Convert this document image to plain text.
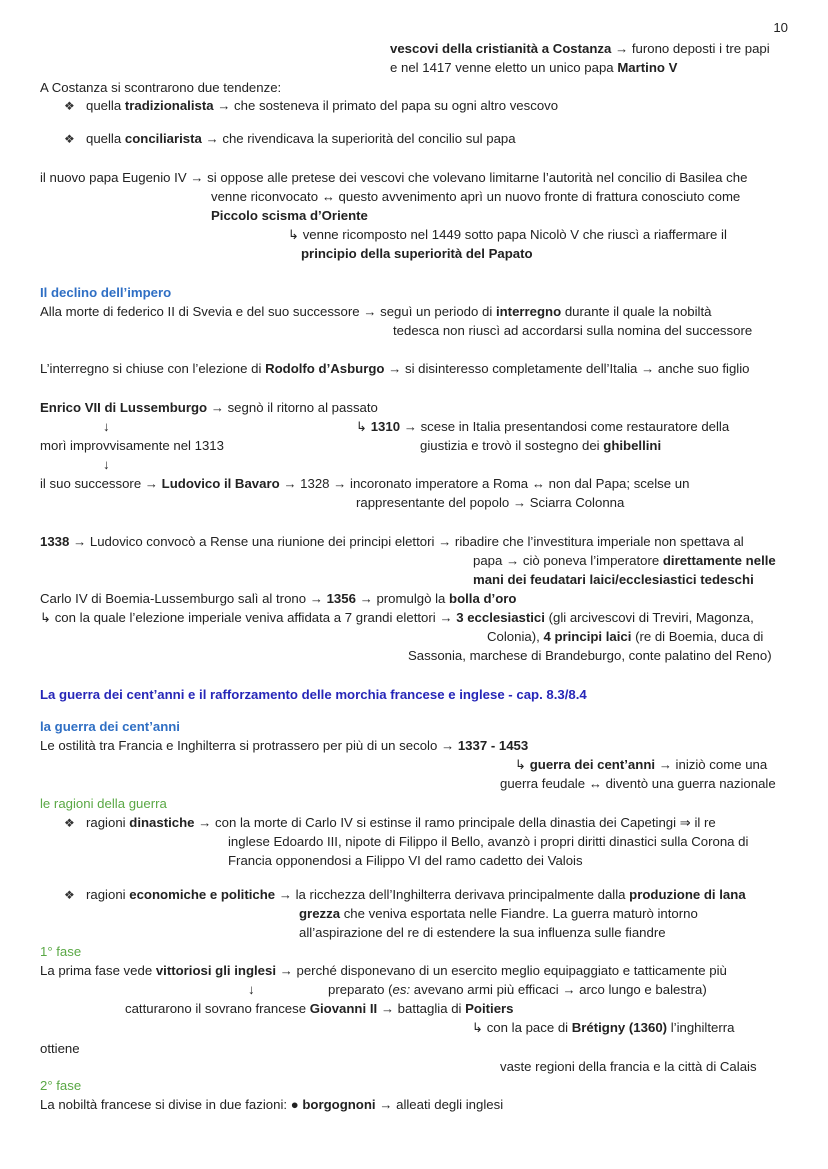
10
vescovi della cristianità a Costanza → furono deposti i tre papi
e nel 1417 venne eletto un unico papa Martino V
A Costanza si scontrarono due tendenze:
❖ quella tradizionalista → che sosteneva il primato del papa su ogni altro vescovo
❖ quella conciliarista → che rivendicava la superiorità del concilio sul papa
il nuovo papa Eugenio IV → si oppose alle pretese dei vescovi che volevano limitarne l’autorità nel concilio di Basilea che
venne riconvocato ↔ questo avvenimento aprì un nuovo fronte di frattura conosciuto come
Piccolo scisma d’Oriente
↳ venne ricomposto nel 1449 sotto papa Nicolò V che riuscì a riaffermare il
principio della superiorità del Papato
Il declino dell’impero
Alla morte di federico II di Svevia e del suo successore → seguì un periodo di interregno durante il quale la nobiltà
tedesca non riuscì ad accordarsi sulla nomina del successore
L’interregno si chiuse con l’elezione di Rodolfo d’Asburgo → si disinteresso completamente dell’Italia → anche suo figlio
Enrico VII di Lussemburgo → segnò il ritorno al passato
↓	↳ 1310 → scese in Italia presentandosi come restauratore della
morì improvvisamente nel 1313	giustizia e trovò il sostegno dei ghibellini
↓
il suo successore → Ludovico il Bavaro → 1328 → incoronato imperatore a Roma ↔ non dal Papa; scelse un
rappresentante del popolo → Sciarra Colonna
1338 → Ludovico convocò a Rense una riunione dei principi elettori → ribadire che l’investitura imperiale non spettava al
papa → ciò poneva l’imperatore direttamente nelle
mani dei feudatari laici/ecclesiastici tedeschi
Carlo IV di Boemia-Lussemburgo salì al trono → 1356 → promulgò la bolla d’oro
↳ con la quale l’elezione imperiale veniva affidata a 7 grandi elettori → 3 ecclesiastici (gli arcivescovi di Treviri, Magonza,
Colonia), 4 principi laici (re di Boemia, duca di
Sassonia, marchese di Brandeburgo, conte palatino del Reno)
La guerra dei cent’anni e il rafforzamento delle morchia francese e inglese - cap. 8.3/8.4
la guerra dei cent’anni
Le ostilità tra Francia e Inghilterra si protrassero per più di un secolo → 1337 - 1453
↳ guerra dei cent’anni → iniziò come una
guerra feudale ↔ diventò una guerra nazionale
le ragioni della guerra
❖ ragioni dinastiche → con la morte di Carlo IV si estinse il ramo principale della dinastia dei Capetingi ⇒ il re
inglese Edoardo III, nipote di Filippo il Bello, avanzò i propri diritti dinastici sulla Corona di
Francia opponendosi a Filippo VI del ramo cadetto dei Valois
❖ ragioni economiche e politiche → la ricchezza dell’Inghilterra derivava principalmente dalla produzione di lana
grezza che veniva esportata nelle Fiandre. La guerra maturò intorno
all’aspirazione del re di estendere la sua influenza sulle fiandre
1° fase
La prima fase vede vittoriosi gli inglesi → perché disponevano di un esercito meglio equipaggiato e tatticamente più
↓	preparato (es: avevano armi più efficaci → arco lungo e balestra)
catturarono il sovrano francese Giovanni II → battaglia di Poitiers
↳ con la pace di Brétigny (1360) l’inghilterra
ottiene
vaste regioni della francia e la città di Calais
2° fase
La nobiltà francese si divise in due fazioni: ● borgognoni → alleati degli inglesi
